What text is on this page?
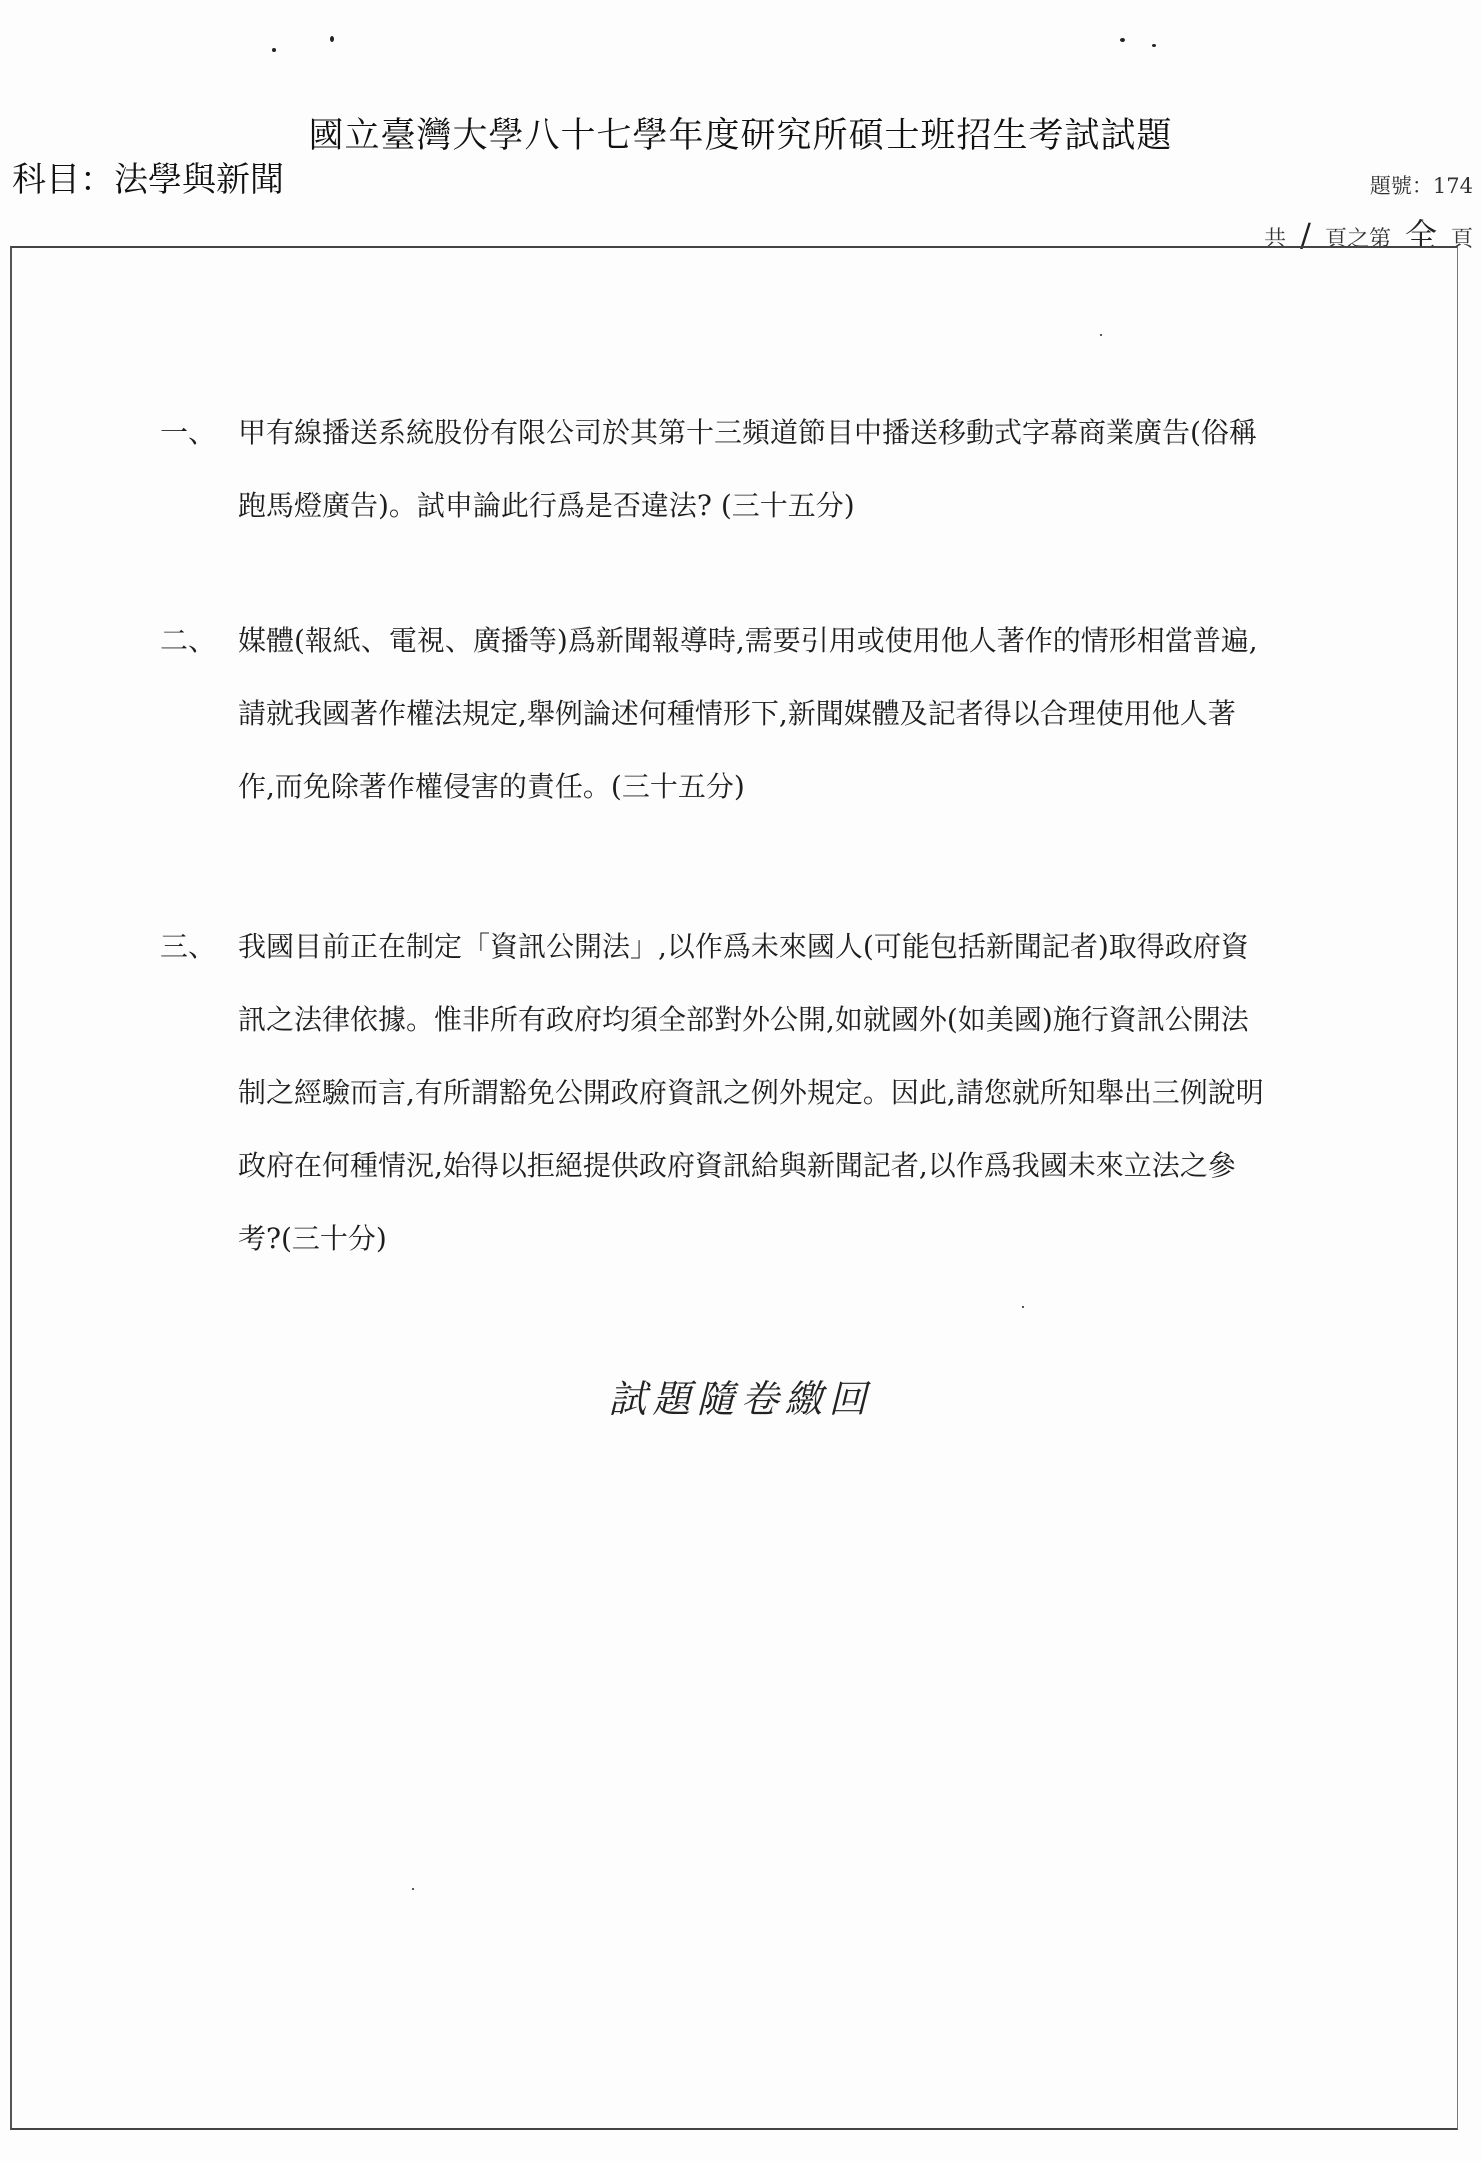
國立臺灣大學八十七學年度研究所碩士班招生考試試題
科目：法學與新聞	題號：174
共 / 頁之第 全 頁
一、 甲有線播送系統股份有限公司於其第十三頻道節目中播送移動式字幕商業廣告(俗稱跑馬燈廣告)。試申論此行爲是否違法? (三十五分)
二、 媒體(報紙、電視、廣播等)爲新聞報導時,需要引用或使用他人著作的情形相當普遍,請就我國著作權法規定,舉例論述何種情形下,新聞媒體及記者得以合理使用他人著作,而免除著作權侵害的責任。(三十五分)
三、 我國目前正在制定「資訊公開法」,以作爲未來國人(可能包括新聞記者)取得政府資訊之法律依據。惟非所有政府均須全部對外公開,如就國外(如美國)施行資訊公開法制之經驗而言,有所謂豁免公開政府資訊之例外規定。因此,請您就所知舉出三例說明政府在何種情況,始得以拒絕提供政府資訊給與新聞記者,以作爲我國未來立法之參考?(三十分)
試題隨卷繳回
